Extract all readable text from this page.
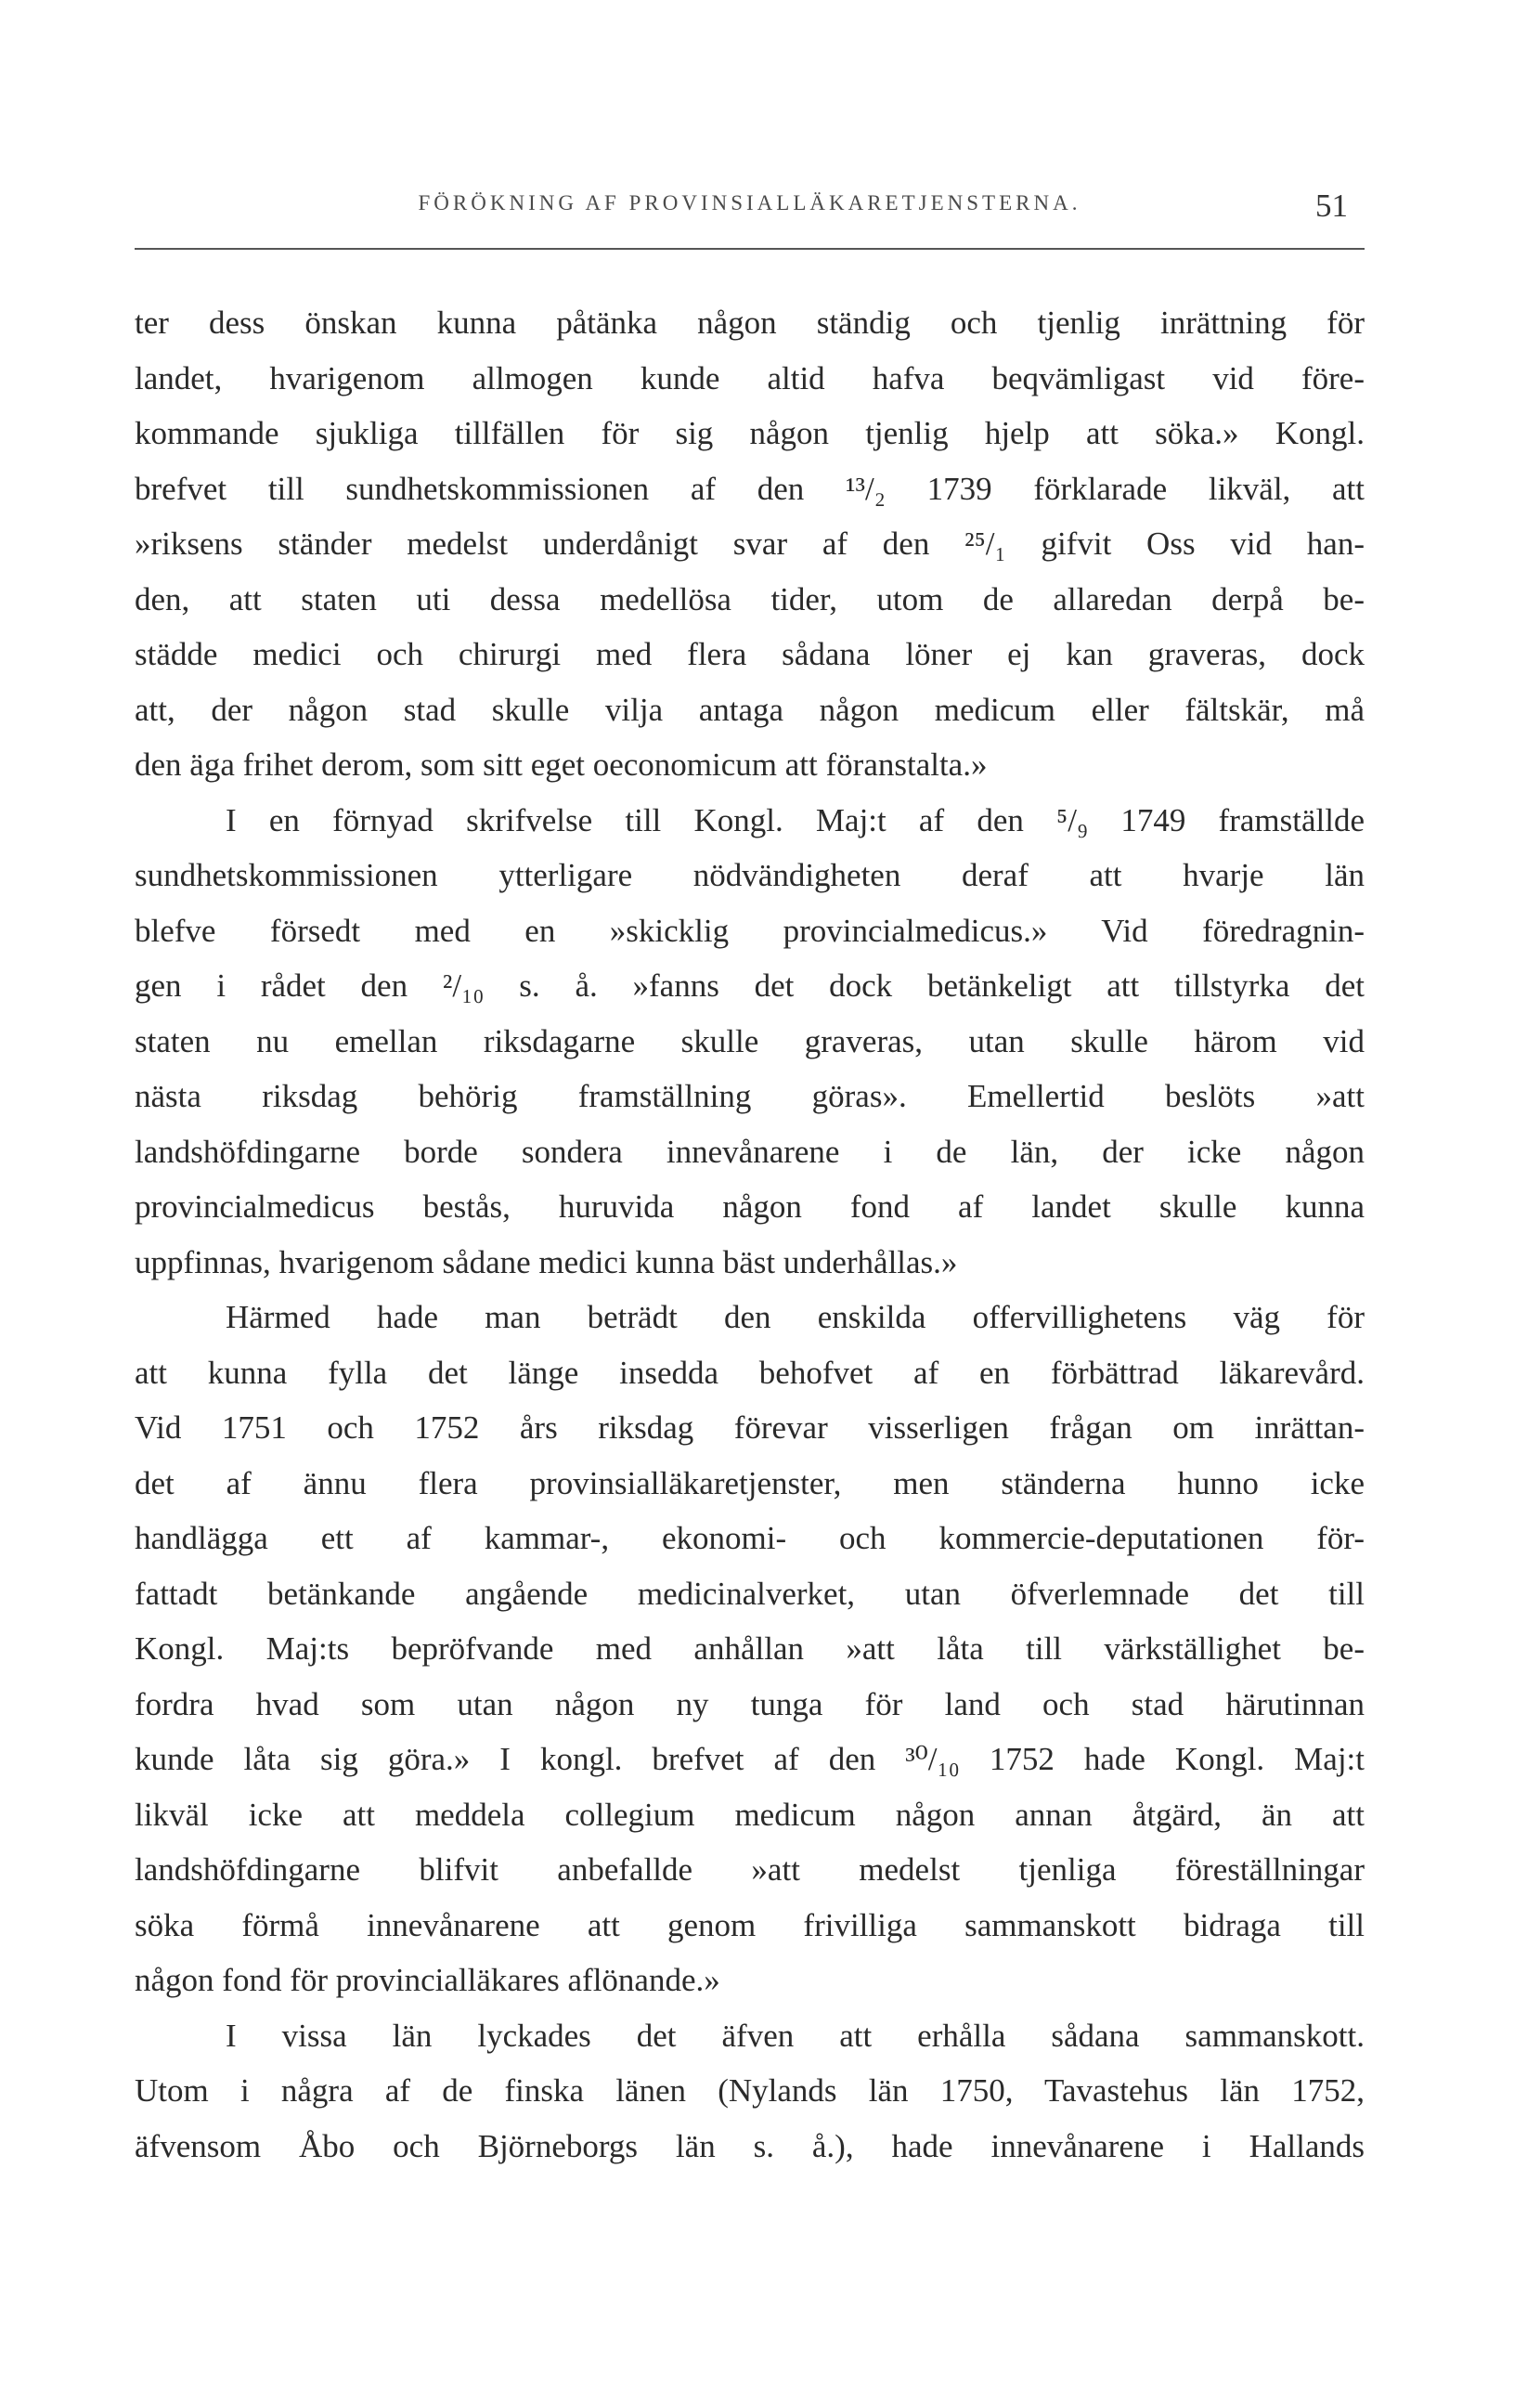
FÖRÖKNING AF PROVINSIALLÄKARETJENSTERNA.	51
ter dess önskan kunna påtänka någon ständig och tjenlig inrättning för
landet, hvarigenom allmogen kunde altid hafva beqvämligast vid före-
kommande sjukliga tillfällen för sig någon tjenlig hjelp att söka.» Kongl.
brefvet till sundhetskommissionen af den ¹³/₂ 1739 förklarade likväl, att
»riksens ständer medelst underdånigt svar af den ²⁵/₁ gifvit Oss vid han-
den, att staten uti dessa medellösa tider, utom de allaredan derpå be-
städde medici och chirurgi med flera sådana löner ej kan graveras, dock
att, der någon stad skulle vilja antaga någon medicum eller fältskär, må
den äga frihet derom, som sitt eget oeconomicum att föranstalta.»
I en förnyad skrifvelse till Kongl. Maj:t af den ⁵/₉ 1749 framställde
sundhetskommissionen ytterligare nödvändigheten deraf att hvarje län
blefve försedt med en »skicklig provincialmedicus.» Vid föredragnin-
gen i rådet den ²/₁₀ s. å. »fanns det dock betänkeligt att tillstyrka det
staten nu emellan riksdagarne skulle graveras, utan skulle härom vid
nästa riksdag behörig framställning göras». Emellertid beslöts »att
landshöfdingarne borde sondera innevånarene i de län, der icke någon
provincialmedicus bestås, huruvida någon fond af landet skulle kunna
uppfinnas, hvarigenom sådane medici kunna bäst underhållas.»
Härmed hade man beträdt den enskilda offervillighetens väg för
att kunna fylla det länge insedda behofvet af en förbättrad läkarevård.
Vid 1751 och 1752 års riksdag förevar visserligen frågan om inrättan-
det af ännu flera provinsialläkaretjenster, men ständerna hunno icke
handlägga ett af kammar-, ekonomi- och kommercie-deputationen för-
fattadt betänkande angående medicinalverket, utan öfverlemnade det till
Kongl. Maj:ts bepröfvande med anhållan »att låta till värkställighet be-
fordra hvad som utan någon ny tunga för land och stad härutinnan
kunde låta sig göra.» I kongl. brefvet af den ³⁰/₁₀ 1752 hade Kongl. Maj:t
likväl icke att meddela collegium medicum någon annan åtgärd, än att
landshöfdingarne blifvit anbefallde »att medelst tjenliga föreställningar
söka förmå innevånarene att genom frivilliga sammanskott bidraga till
någon fond för provincialläkares aflönande.»
I vissa län lyckades det äfven att erhålla sådana sammanskott.
Utom i några af de finska länen (Nylands län 1750, Tavastehus län 1752,
äfvensom Åbo och Björneborgs län s. å.), hade innevånarene i Hallands
